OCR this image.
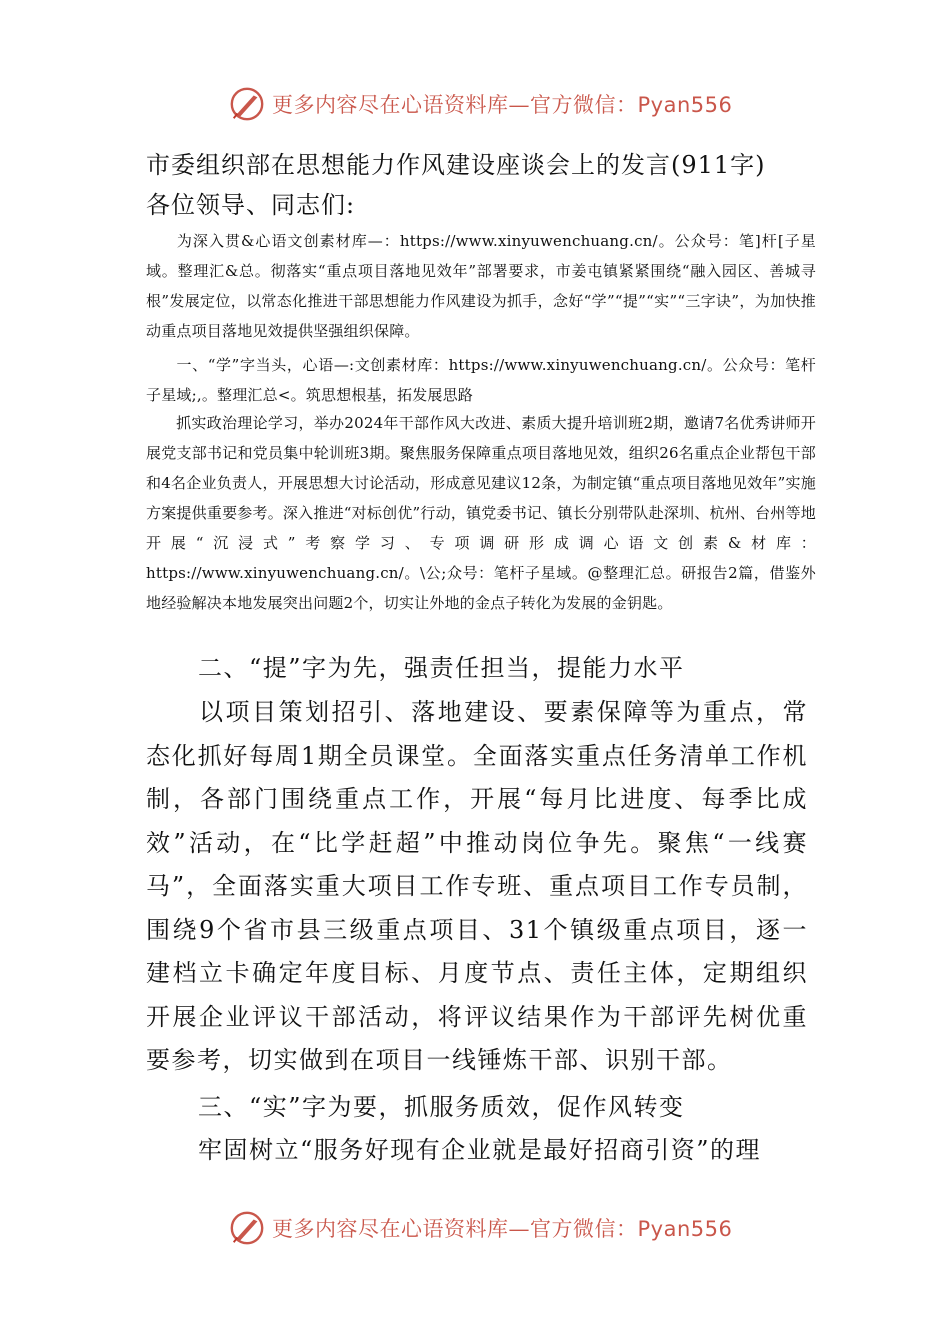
更多内容尽在心语资料库—官方微信：Pyan556
市委组织部在思想能力作风建设座谈会上的发言(911字)
各位领导、同志们:
为深入贯&心语文创素材库—：https://www.xinyuwenchuang.cn/。公众号：笔]杆[子星域。整理汇&总。彻落实“重点项目落地见效年”部署要求，市姜屯镇紧紧围绕“融入园区、善城寻根”发展定位，以常态化推进干部思想能力作风建设为抓手，念好“学”“提”“实”“三字诀”，为加快推动重点项目落地见效提供坚强组织保障。
一、“学”字当头，心语—:文创素材库：https://www.xinyuwenchuang.cn/。公众号：笔杆子星域;,。整理汇总<。筑思想根基，拓发展思路
抓实政治理论学习，举办2024年干部作风大改进、素质大提升培训班2期，邀请7名优秀讲师开展党支部书记和党员集中轮训班3期。聚焦服务保障重点项目落地见效，组织26名重点企业帮包干部和4名企业负责人，开展思想大讨论活动，形成意见建议12条，为制定镇“重点项目落地见效年”实施方案提供重要参考。深入推进“对标创优”行动，镇党委书记、镇长分别带队赴深圳、杭州、台州等地开展“沉浸式”考察学习、专项调研形成调心语文创素&材库：https://www.xinyuwenchuang.cn/。\公;众号：笔杆子星域。@整理汇总。研报告2篇，借鉴外地经验解决本地发展突出问题2个，切实让外地的金点子转化为发展的金钥匙。
二、“提”字为先，强责任担当，提能力水平
以项目策划招引、落地建设、要素保障等为重点，常态化抓好每周1期全员课堂。全面落实重点任务清单工作机制，各部门围绕重点工作，开展“每月比进度、每季比成效”活动，在“比学赶超”中推动岗位争先。聚焦“一线赛马”，全面落实重大项目工作专班、重点项目工作专员制，围绕9个省市县三级重点项目、31个镇级重点项目，逐一建档立卡确定年度目标、月度节点、责任主体，定期组织开展企业评议干部活动，将评议结果作为干部评先树优重要参考，切实做到在项目一线锤炼干部、识别干部。
三、“实”字为要，抓服务质效，促作风转变
牢固树立“服务好现有企业就是最好招商引资”的理
更多内容尽在心语资料库—官方微信：Pyan556
